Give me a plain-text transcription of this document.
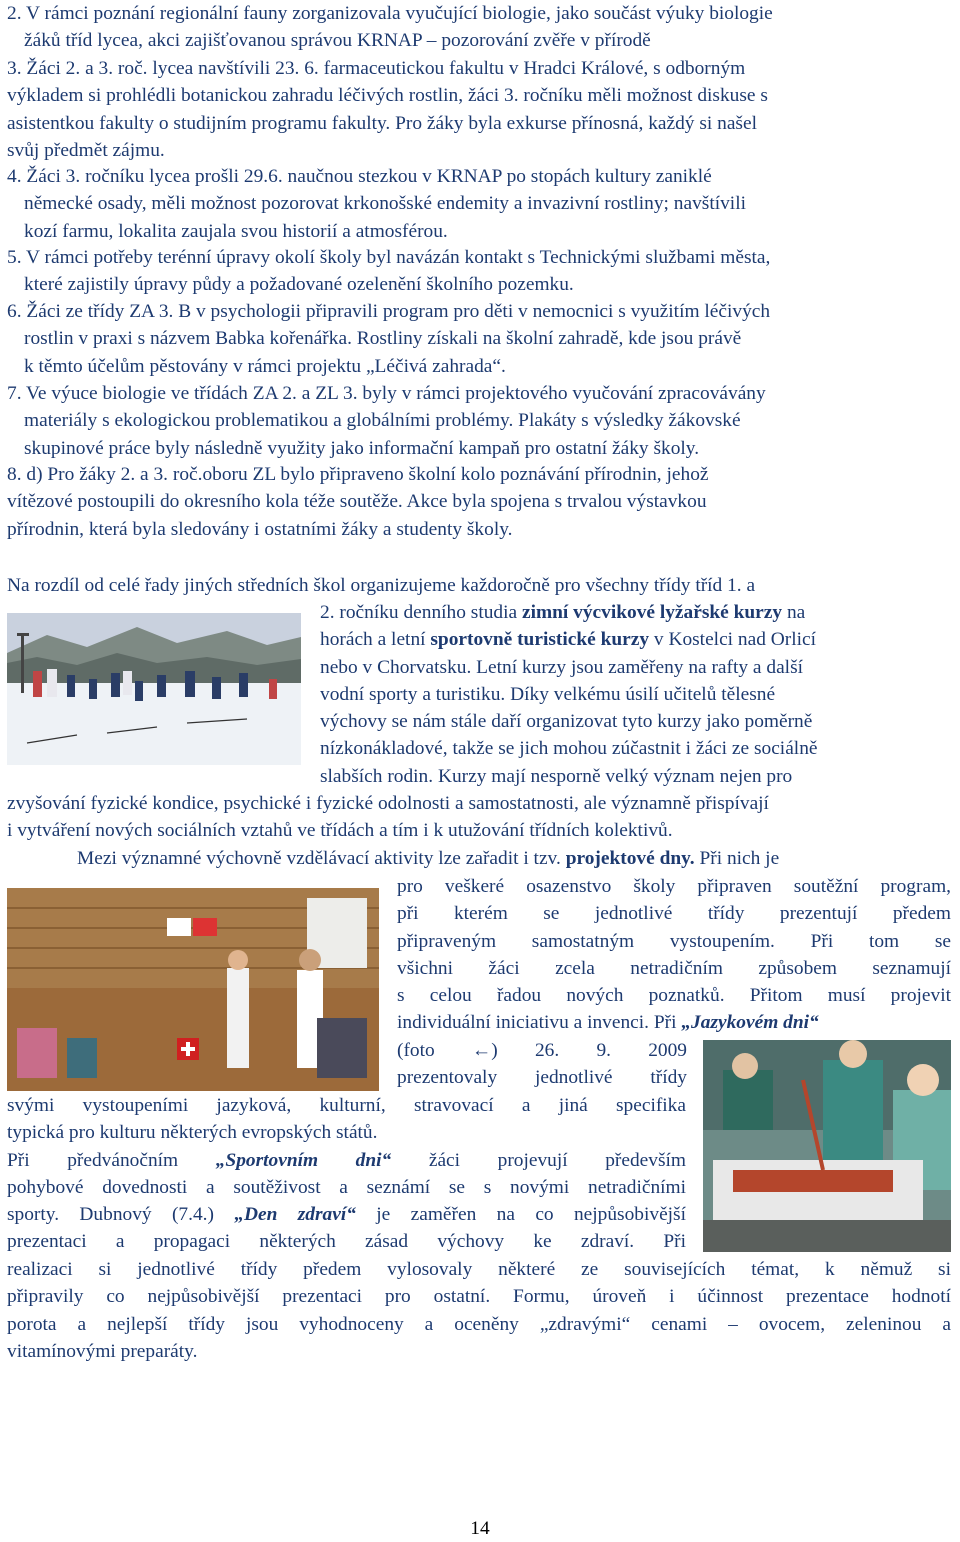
2. V rámci poznání regionální fauny zorganizovala vyučující biologie, jako součást výuky biologie
žáků tříd lycea, akci zajišťovanou správou KRNAP – pozorování zvěře v přírodě

3. Žáci 2. a 3. roč. lycea navštívili 23. 6. farmaceutickou fakultu v Hradci Králové, s odborným
výkladem si prohlédli botanickou zahradu léčivých rostlin, žáci 3. ročníku měli možnost diskuse s
asistentkou fakulty o studijním programu fakulty. Pro žáky byla exkurse přínosná, každý si našel
svůj předmět zájmu.

4. Žáci 3. ročníku lycea prošli 29.6. naučnou stezkou v KRNAP po stopách kultury zaniklé
německé osady, měli možnost pozorovat krkonošské endemity a invazivní rostliny; navštívili
kozí farmu, lokalita zaujala svou historií a atmosférou.

5. V rámci potřeby terénní úpravy okolí školy byl navázán kontakt s Technickými službami města,
které zajistily úpravy půdy a požadované ozelenění školního pozemku.

6. Žáci ze třídy ZA 3. B v psychologii připravili program pro děti v nemocnici s využitím léčivých
rostlin v praxi s názvem Babka kořenářka. Rostliny získali na školní zahradě, kde jsou právě
k těmto účelům pěstovány v rámci projektu „Léčivá zahrada“.

7. Ve výuce biologie ve třídách ZA 2. a ZL 3. byly v rámci projektového vyučování zpracovávány
materiály s ekologickou problematikou a globálními problémy. Plakáty s výsledky žákovské
skupinové práce byly následně využity jako informační kampaň pro ostatní žáky školy.

8. d) Pro žáky 2. a 3. roč.oboru ZL bylo připraveno školní kolo poznávání přírodnin, jehož
vítězové postoupili do okresního kola téže soutěže. Akce byla spojena s trvalou výstavkou
přírodnin, která byla sledovány i ostatními žáky a studenty školy.

Na rozdíl od celé řady jiných středních škol organizujeme každoročně pro všechny třídy tříd 1. a
2. ročníku denního studia zimní výcvikové lyžařské kurzy na
horách a letní sportovně turistické kurzy v Kostelci nad Orlicí
nebo v Chorvatsku. Letní kurzy jsou zaměřeny na rafty a další
vodní sporty a turistiku. Díky velkému úsilí učitelů tělesné
výchovy se nám stále daří organizovat tyto kurzy jako poměrně
nízkonákladové, takže se jich mohou zúčastnit i žáci ze sociálně
slabších rodin. Kurzy mají nesporně velký význam nejen pro

zvyšování fyzické kondice, psychické i fyzické odolnosti a samostatnosti, ale významně přispívají
i vytváření nových sociálních vztahů ve třídách a tím i k utužování třídních kolektivů.

Mezi významné výchovně vzdělávací aktivity lze zařadit i tzv. projektové dny. Při nich je
pro veškeré osazenstvo školy připraven soutěžní program,
při kterém se jednotlivé třídy prezentují předem
připraveným samostatným vystoupením. Při tom se
všichni žáci zcela netradičním způsobem seznamují
s celou řadou nových poznatků. Přitom musí projevit
individuální iniciativu a invenci. Při „Jazykovém dni“
(foto ←) 26. 9. 2009
prezentovaly jednotlivé třídy
svými vystoupeními jazyková, kulturní, stravovací a jiná specifika
typická pro kulturu některých evropských států.
Při předvánočním „Sportovním dni“ žáci projevují především
pohybové dovednosti a soutěživost a seznámí se s novými netradičními
sporty. Dubnový (7.4.) „Den zdraví“ je zaměřen na co nejpůsobivější
prezentaci a propagaci některých zásad výchovy ke zdraví. Při
realizaci si jednotlivé třídy předem vylosovaly některé ze souvisejících témat, k němuž si
připravily co nejpůsobivější prezentaci pro ostatní. Formu, úroveň i účinnost prezentace hodnotí
porota a nejlepší třídy jsou vyhodnoceny a oceněny „zdravými“ cenami – ovocem, zeleninou a
vitamínovými preparáty.
14
